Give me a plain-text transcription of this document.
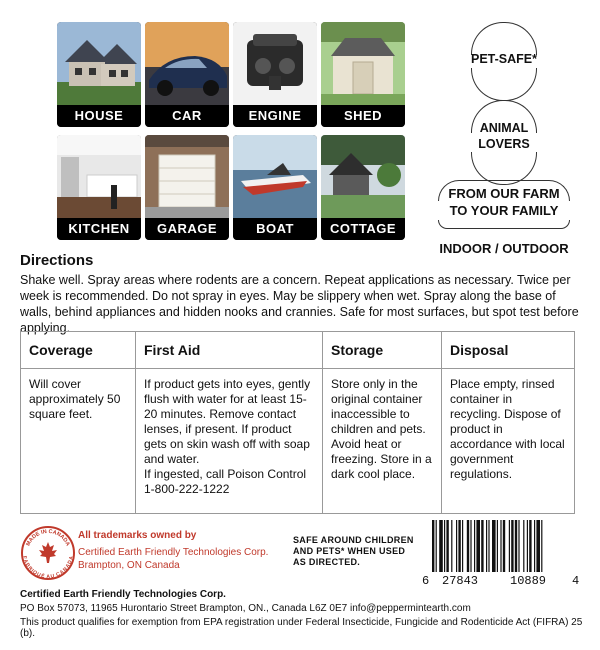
HOUSE	CAR	ENGINE	SHED
KITCHEN	GARAGE	BOAT	COTTAGE
PET-SAFE*
ANIMAL
LOVERS
FROM OUR FARM
TO YOUR FAMILY
INDOOR / OUTDOOR
Directions
Shake well. Spray areas where rodents are a concern. Repeat applications as necessary. Twice per week is recommended. Do not spray in eyes. May be slippery when wet. Spray along the base of walls, behind appliances and hidden nooks and crannies. Safe for most surfaces, but spot test before applying.
Coverage	First Aid	Storage	Disposal
Will cover approximately 50 square feet.	If product gets into eyes, gently flush with water for at least 15-20 minutes. Remove contact lenses, if present. If product gets on skin wash off with soap and water.
If ingested, call Poison Control 1-800-222-1222	Store only in the original container inaccessible to children and pets. Avoid heat or freezing. Store in a dark cool place.	Place empty, rinsed container in recycling. Dispose of product in accordance with local government regulations.
MADE IN CANADA
FABRIQUÉ AU CANADA
All trademarks owned by
Certified Earth Friendly Technologies Corp.
Brampton, ON Canada
SAFE AROUND CHILDREN
AND PETS* WHEN USED
AS DIRECTED.
6 27843	10889 4
Certified Earth Friendly Technologies Corp.
PO Box 57073, 11965 Hurontario Street Brampton, ON., Canada L6Z 0E7 info@peppermintearth.com
This product qualifies for exemption from EPA registration under Federal Insecticide, Fungicide and Rodenticide Act (FIFRA) 25 (b).
